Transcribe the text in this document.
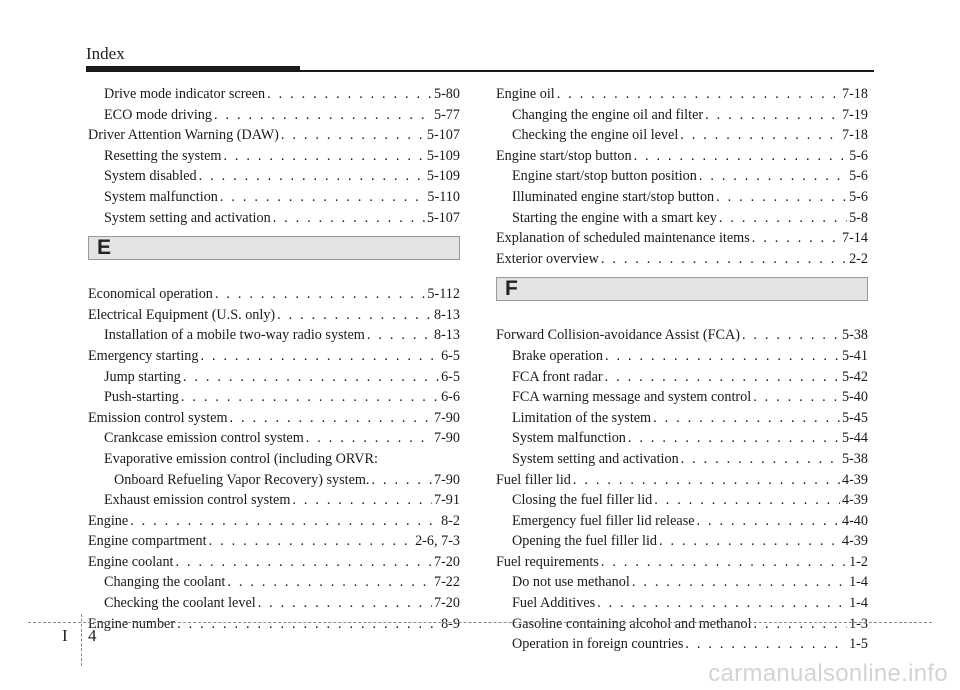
Index
Drive mode indicator screen . . .	5-80
ECO mode driving . . .	5-77
Driver Attention Warning (DAW) . . .	5-107
Resetting the system . . .	5-109
System disabled . . .	5-109
System malfunction . . .	5-110
System setting and activation . . .	5-107
E
Economical operation . . .	5-112
Electrical Equipment (U.S. only) . . .	8-13
Installation of a mobile two-way radio system . . .	8-13
Emergency starting . . .	6-5
Jump starting . . .	6-5
Push-starting . . .	6-6
Emission control system . . .	7-90
Crankcase emission control system . . .	7-90
Evaporative emission control (including ORVR:
Onboard Refueling Vapor Recovery) system. . . .	7-90
Exhaust emission control system . . .	7-91
Engine . . .	8-2
Engine compartment . . .	2-6, 7-3
Engine coolant . . .	7-20
Changing the coolant . . .	7-22
Checking the coolant level . . .	7-20
Engine number . . .	8-9
Engine oil . . .	7-18
Changing the engine oil and filter . . .	7-19
Checking the engine oil level . . .	7-18
Engine start/stop button . . .	5-6
Engine start/stop button position . . .	5-6
Illuminated engine start/stop button . . .	5-6
Starting the engine with a smart key . . .	5-8
Explanation of scheduled maintenance items . . .	7-14
Exterior overview . . .	2-2
F
Forward Collision-avoidance Assist (FCA) . . .	5-38
Brake operation . . .	5-41
FCA front radar . . .	5-42
FCA warning message and system control . . .	5-40
Limitation of the system . . .	5-45
System malfunction . . .	5-44
System setting and activation . . .	5-38
Fuel filler lid . . .	4-39
Closing the fuel filler lid . . .	4-39
Emergency fuel filler lid release . . .	4-40
Opening the fuel filler lid . . .	4-39
Fuel requirements . . .	1-2
Do not use methanol . . .	1-4
Fuel Additives . . .	1-4
Gasoline containing alcohol and methanol . . .	1-3
Operation in foreign countries . . .	1-5
I 4
carmanualsonline.info
